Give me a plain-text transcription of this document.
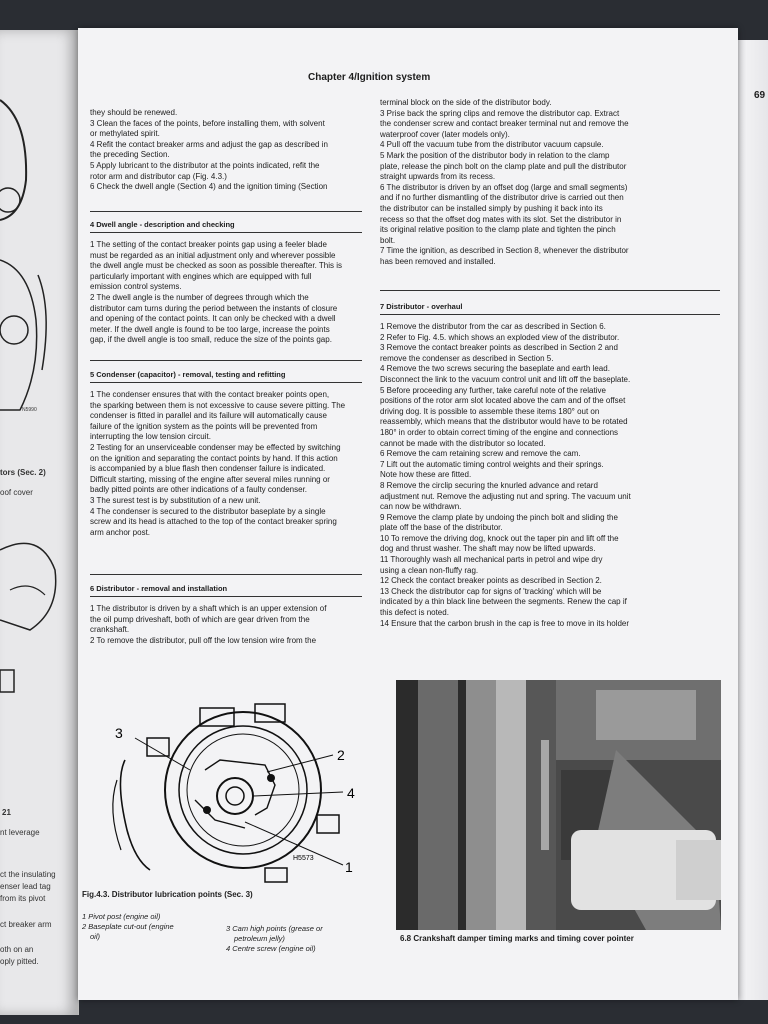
N5990
tors (Sec. 2)
oof cover
21
nt leverage
ct the insulating
enser lead tag
from its pivot
ct breaker arm
oth on an
oply pitted.
Chapter 4/Ignition system
69

they should be renewed.

3 Clean the faces of the points, before installing them, with solvent

or methylated spirit.

4 Refit the contact breaker arms and adjust the gap as described in

the preceding Section.

5 Apply lubricant to the distributor at the points indicated, refit the

rotor arm and distributor cap (Fig. 4.3.)

6 Check the dwell angle (Section 4) and the ignition timing (Section

4 Dwell angle - description and checking

1 The setting of the contact breaker points gap using a feeler blade

must be regarded as an initial adjustment only and wherever possible

the dwell angle must be checked as soon as possible thereafter. This is

particularly important with engines which are equipped with full

emission control systems.

2 The dwell angle is the number of degrees through which the

distributor cam turns during the period between the instants of closure

and opening of the contact points. It can only be checked with a dwell

meter. If the dwell angle is found to be too large, increase the points

gap, if the dwell angle is too small, reduce the size of the points gap.

5 Condenser (capacitor) - removal, testing and refitting

1 The condenser ensures that with the contact breaker points open,

the sparking between them is not excessive to cause severe pitting. The

condenser is fitted in parallel and its failure will automatically cause

failure of the ignition system as the points will be prevented from

interrupting the low tension circuit.

2 Testing for an unserviceable condenser may be effected by switching

on the ignition and separating the contact points by hand. If this action

is accompanied by a blue flash then condenser failure is indicated.

Difficult starting, missing of the engine after several miles running or

badly pitted points are other indications of a faulty condenser.

3 The surest test is by substitution of a new unit.

4 The condenser is secured to the distributor baseplate by a single

screw and its head is attached to the top of the contact breaker spring

arm anchor post.

6 Distributor - removal and installation

1 The distributor is driven by a shaft which is an upper extension of

the oil pump driveshaft, both of which are gear driven from the

crankshaft.

2 To remove the distributor, pull off the low tension wire from the

terminal block on the side of the distributor body.

3 Prise back the spring clips and remove the distributor cap. Extract

the condenser screw and contact breaker terminal nut and remove the

waterproof cover (later models only).

4 Pull off the vacuum tube from the distributor vacuum capsule.

5 Mark the position of the distributor body in relation to the clamp

plate, release the pinch bolt on the clamp plate and pull the distributor

straight upwards from its recess.

6 The distributor is driven by an offset dog (large and small segments)

and if no further dismantling of the distributor drive is carried out then

the distributor can be installed simply by pushing it back into its

recess so that the offset dog mates with its slot. Set the distributor in

its original relative position to the clamp plate and tighten the pinch

bolt.

7 Time the ignition, as described in Section 8, whenever the distributor

has been removed and installed.

7 Distributor - overhaul

1 Remove the distributor from the car as described in Section 6.

2 Refer to Fig. 4.5. which shows an exploded view of the distributor.

3 Remove the contact breaker points as described in Section 2 and

remove the condenser as described in Section 5.

4 Remove the two screws securing the baseplate and earth lead.

Disconnect the link to the vacuum control unit and lift off the baseplate.

5 Before proceeding any further, take careful note of the relative

positions of the rotor arm slot located above the cam and of the offset

driving dog. It is possible to assemble these items 180° out on

reassembly, which means that the distributor would have to be rotated

180° in order to obtain correct timing of the engine and connections

cannot be made with the distributor so located.

6 Remove the cam retaining screw and remove the cam.

7 Lift out the automatic timing control weights and their springs.

Note how these are fitted.

8 Remove the circlip securing the knurled advance and retard

adjustment nut. Remove the adjusting nut and spring. The vacuum unit

can now be withdrawn.

9 Remove the clamp plate by undoing the pinch bolt and sliding the

plate off the base of the distributor.

10 To remove the driving dog, knock out the taper pin and lift off the

dog and thrust washer. The shaft may now be lifted upwards.

11 Thoroughly wash all mechanical parts in petrol and wipe dry

using a clean non-fluffy rag.

12 Check the contact breaker points as described in Section 2.

13 Check the distributor cap for signs of 'tracking' which will be

indicated by a thin black line between the segments. Renew the cap if

this defect is noted.

14 Ensure that the carbon brush in the cap is free to move in its holder

3
2
4
1
H5573
Fig.4.3. Distributor lubrication points (Sec. 3)
1 Pivot post (engine oil)
2 Baseplate cut-out (engine
oil)
3 Cam high points (grease or
petroleum jelly)
4 Centre screw (engine oil)
6.8 Crankshaft damper timing marks and timing cover pointer
